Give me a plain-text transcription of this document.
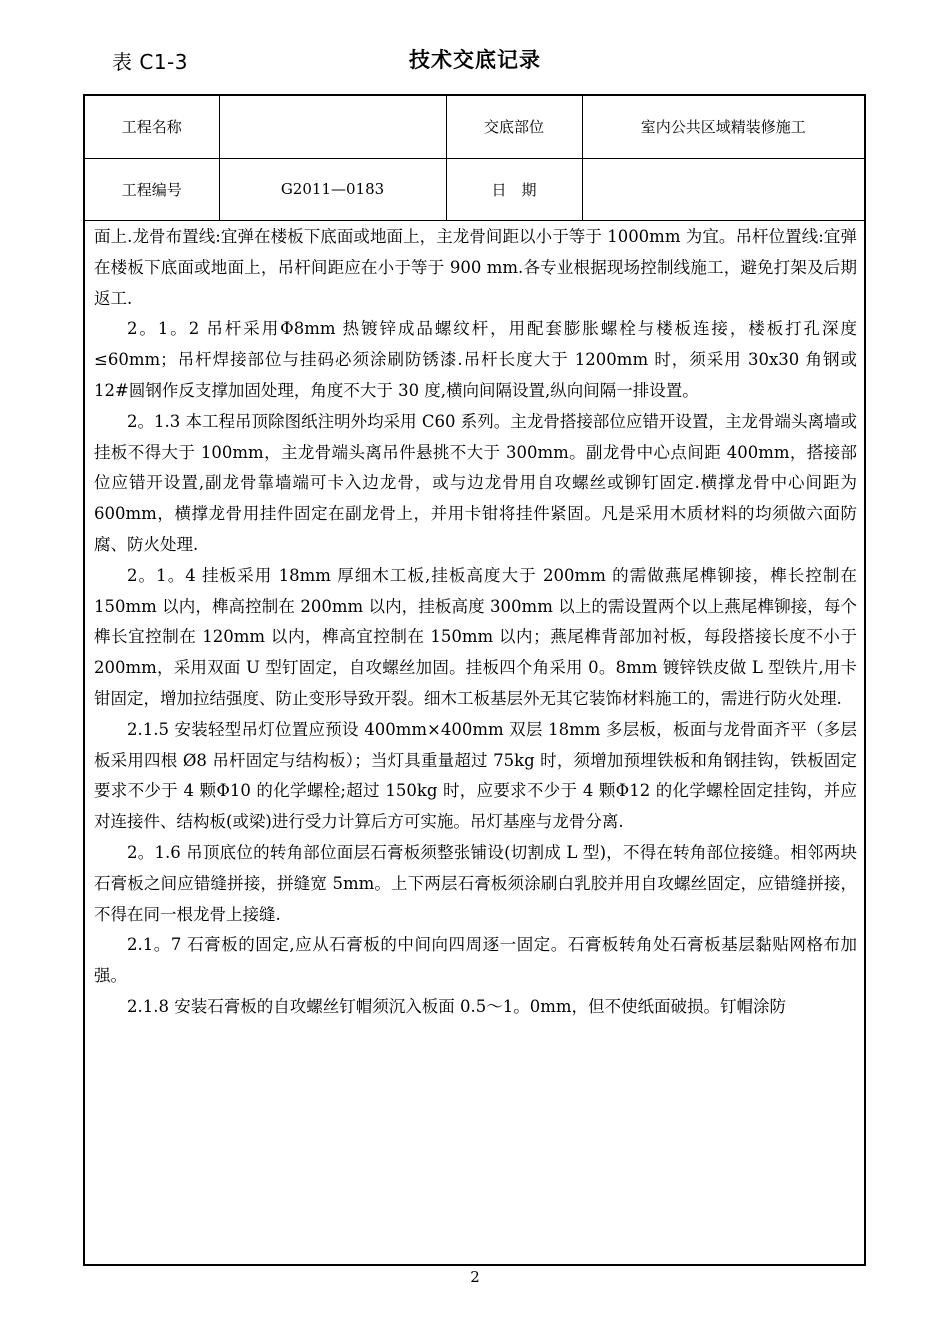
表 C1-3	技术交底记录
工程名称		交底部位	室内公共区域精装修施工
工程编号	G2011—0183	日　期	

面上.龙骨布置线:宜弹在楼板下底面或地面上，主龙骨间距以小于等于 1000mm 为宜。吊杆位置线:宜弹在楼板下底面或地面上，吊杆间距应在小于等于 900 mm.各专业根据现场控制线施工，避免打架及后期返工.

2。1。2 吊杆采用Φ8mm 热镀锌成品螺纹杆，用配套膨胀螺栓与楼板连接，楼板打孔深度≤60mm；吊杆焊接部位与挂码必须涂刷防锈漆.吊杆长度大于 1200mm 时，须采用 30x30 角钢或 12#圆钢作反支撑加固处理，角度不大于 30 度,横向间隔设置,纵向间隔一排设置。

2。1.3 本工程吊顶除图纸注明外均采用 C60 系列。主龙骨搭接部位应错开设置，主龙骨端头离墙或挂板不得大于 100mm，主龙骨端头离吊件悬挑不大于 300mm。副龙骨中心点间距 400mm，搭接部位应错开设置,副龙骨靠墙端可卡入边龙骨，或与边龙骨用自攻螺丝或铆钉固定.横撑龙骨中心间距为 600mm，横撑龙骨用挂件固定在副龙骨上，并用卡钳将挂件紧固。凡是采用木质材料的均须做六面防腐、防火处理.

2。1。4 挂板采用 18mm 厚细木工板,挂板高度大于 200mm 的需做燕尾榫铆接，榫长控制在 150mm 以内，榫高控制在 200mm 以内，挂板高度 300mm 以上的需设置两个以上燕尾榫铆接，每个榫长宜控制在 120mm 以内，榫高宜控制在 150mm 以内；燕尾榫背部加衬板，每段搭接长度不小于 200mm，采用双面 U 型钉固定，自攻螺丝加固。挂板四个角采用 0。8mm 镀锌铁皮做 L 型铁片,用卡钳固定，增加拉结强度、防止变形导致开裂。细木工板基层外无其它装饰材料施工的，需进行防火处理.

2.1.5 安装轻型吊灯位置应预设 400mm×400mm 双层 18mm 多层板，板面与龙骨面齐平（多层板采用四根 Ø8 吊杆固定与结构板）；当灯具重量超过 75kg 时，须增加预埋铁板和角钢挂钩，铁板固定要求不少于 4 颗Φ10 的化学螺栓;超过 150kg 时，应要求不少于 4 颗Φ12 的化学螺栓固定挂钩，并应对连接件、结构板(或梁)进行受力计算后方可实施。吊灯基座与龙骨分离.

2。1.6 吊顶底位的转角部位面层石膏板须整张铺设(切割成 L 型)，不得在转角部位接缝。相邻两块石膏板之间应错缝拼接，拼缝宽 5mm。上下两层石膏板须涂刷白乳胶并用自攻螺丝固定，应错缝拼接，不得在同一根龙骨上接缝.

2.1。7 石膏板的固定,应从石膏板的中间向四周逐一固定。石膏板转角处石膏板基层黏贴网格布加强。

2.1.8 安装石膏板的自攻螺丝钉帽须沉入板面 0.5～1。0mm，但不使纸面破损。钉帽涂防

2
